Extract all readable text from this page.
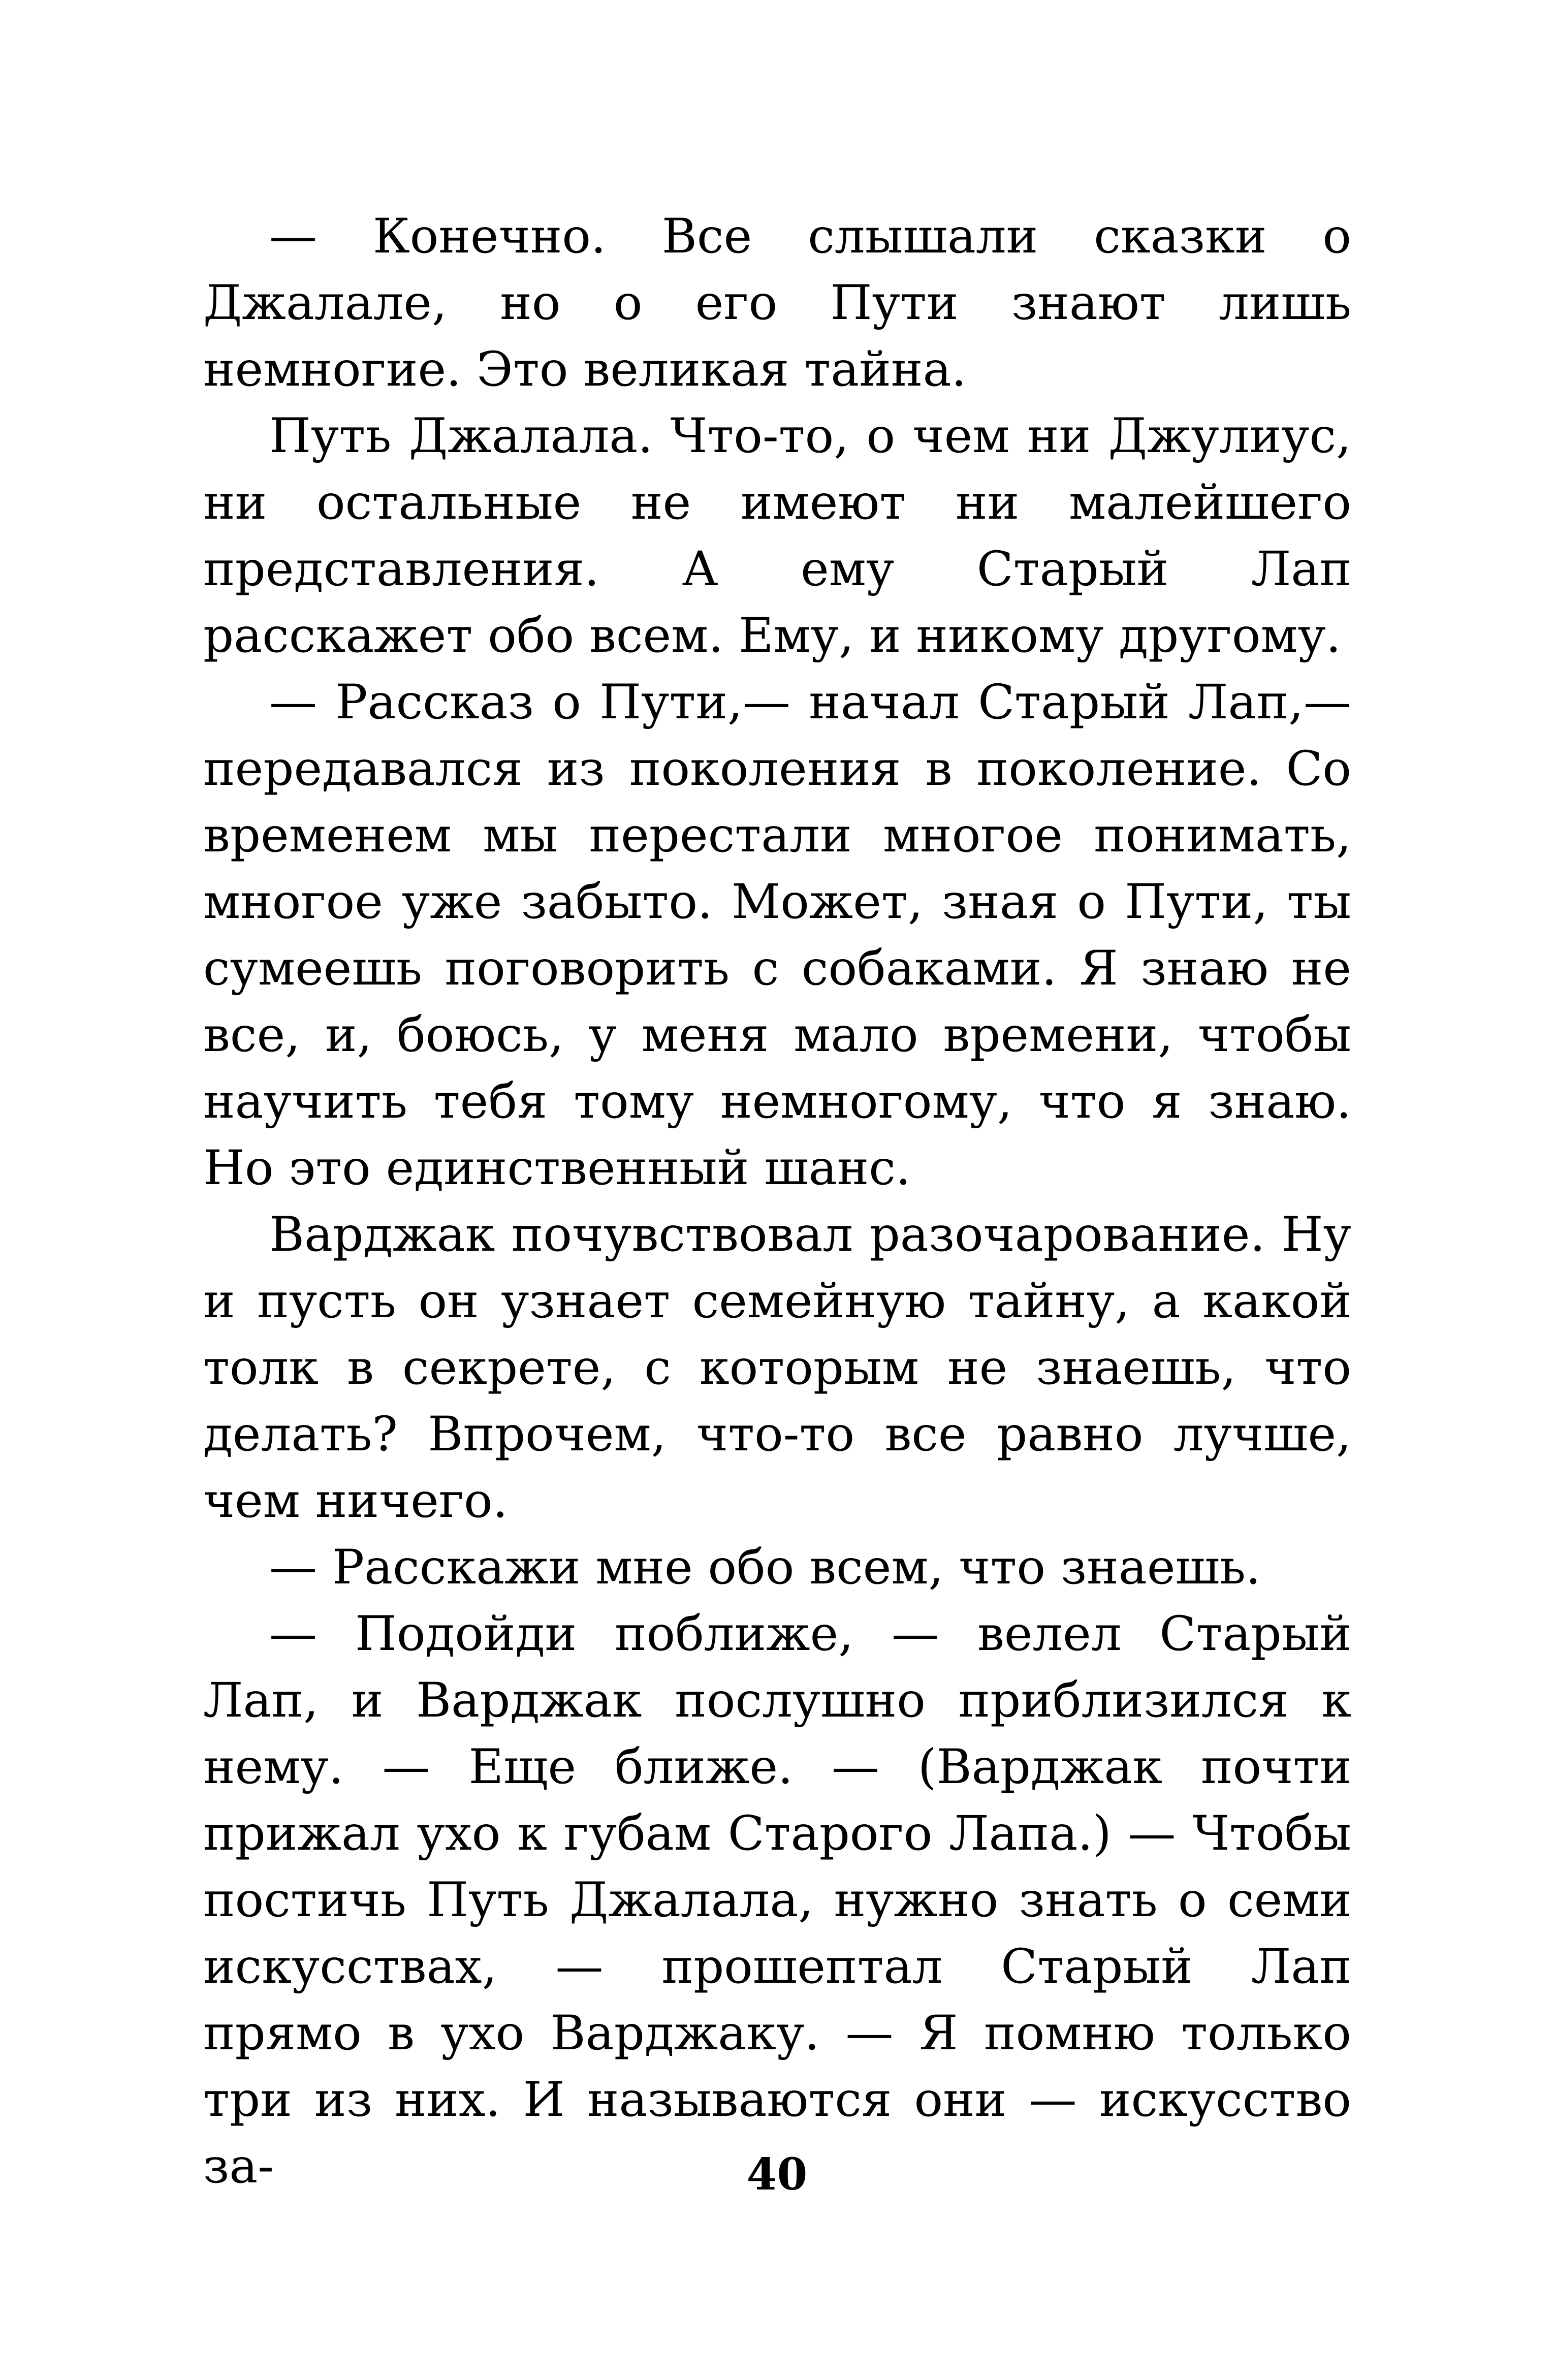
— Конечно. Все слышали сказки о Джалале, но о его Пути знают лишь немногие. Это великая тайна.

Путь Джалала. Что-то, о чем ни Джулиус, ни остальные не имеют ни малейшего представления. А ему Старый Лап расскажет обо всем. Ему, и никому другому.

— Рассказ о Пути,— начал Старый Лап,— передавался из поколения в поколение. Со временем мы перестали многое понимать, многое уже забыто. Может, зная о Пути, ты сумеешь поговорить с собаками. Я знаю не все, и, боюсь, у меня мало времени, чтобы научить тебя тому немногому, что я знаю. Но это единственный шанс.

Варджак почувствовал разочарование. Ну и пусть он узнает семейную тайну, а какой толк в секрете, с которым не знаешь, что делать? Впрочем, что-то все равно лучше, чем ничего.

— Расскажи мне обо всем, что знаешь.

— Подойди поближе, — велел Старый Лап, и Варджак послушно приблизился к нему. — Еще ближе. — (Варджак почти прижал ухо к губам Старого Лапа.) — Чтобы постичь Путь Джалала, нужно знать о семи искусствах, — прошептал Старый Лап прямо в ухо Варджаку. — Я помню только три из них. И называются они — искусство за-	40
